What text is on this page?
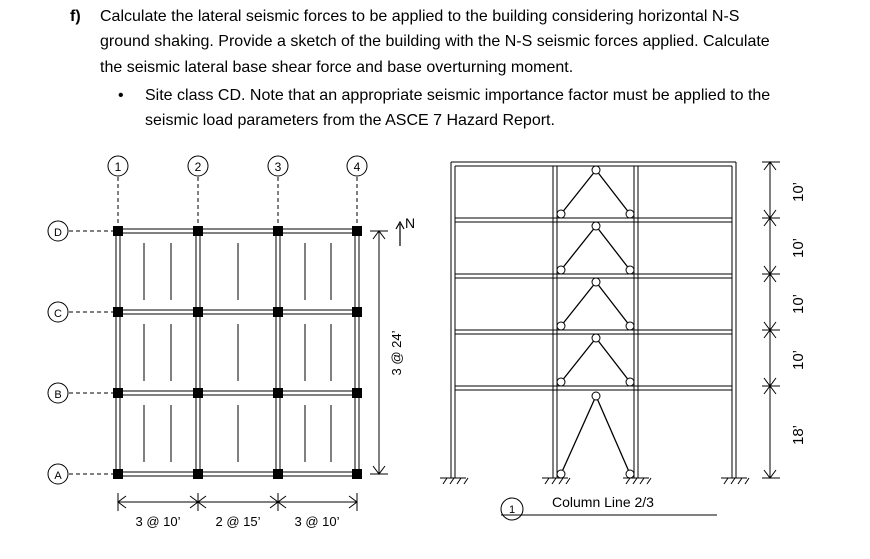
f) Calculate the lateral seismic forces to be applied to the building considering horizontal N-S
ground shaking. Provide a sketch of the building with the N-S seismic forces applied. Calculate
the seismic lateral base shear force and base overturning moment.
• Site class CD. Note that an appropriate seismic importance factor must be applied to the
seismic load parameters from the ASCE 7 Hazard Report.
1	2	3	4
D
C
B
A
3 @ 10’	2 @ 15’	3 @ 10’
3 @ 24’
N
10’
10’
10’
10’
18’
1	Column Line 2/3
